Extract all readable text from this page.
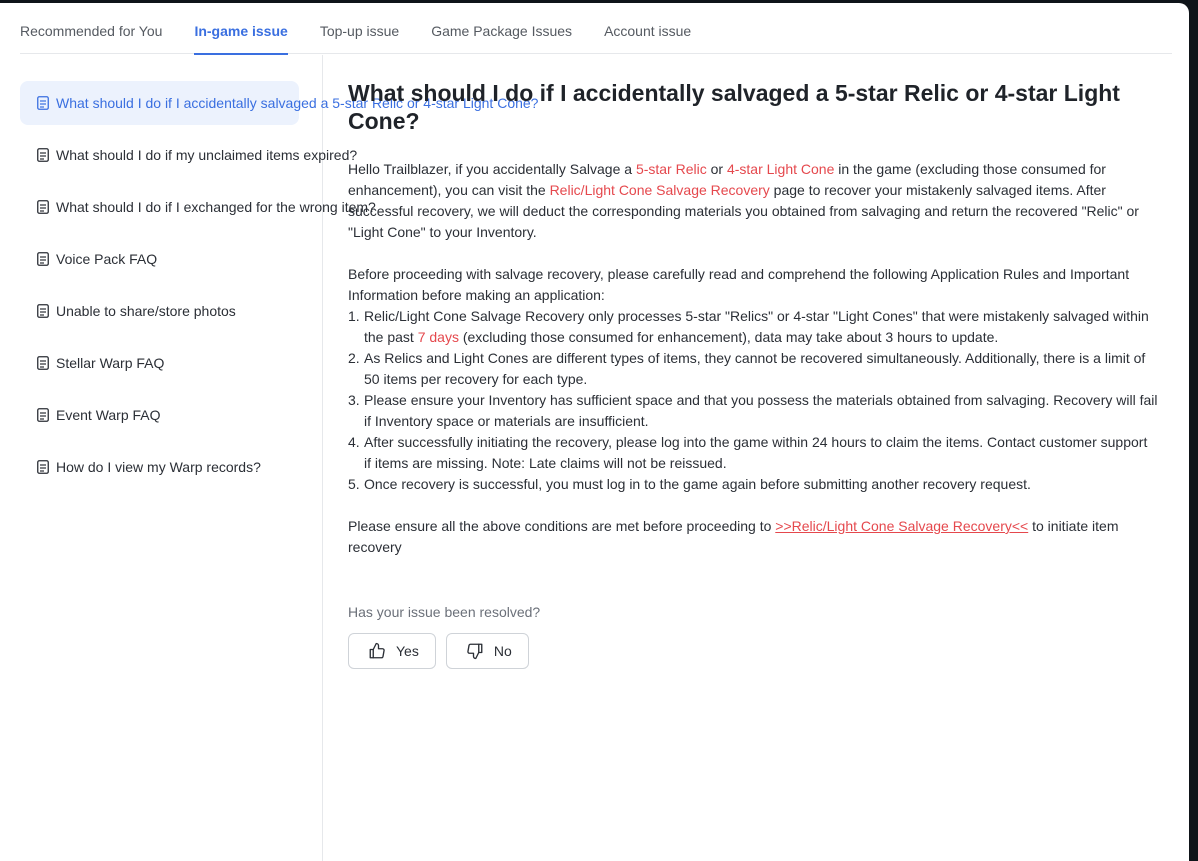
Recommended for You In-game issue Top-up issue Game Package Issues Account issue
What should I do if I accidentally salvaged a 5-star Relic or 4-star Light Cone?
What should I do if my unclaimed items expired?
What should I do if I exchanged for the wrong item?
Voice Pack FAQ
Unable to share/store photos
Stellar Warp FAQ
Event Warp FAQ
How do I view my Warp records?
What should I do if I accidentally salvaged a 5-star Relic or 4-star Light Cone?

Hello Trailblazer, if you accidentally Salvage a 5-star Relic or 4-star Light Cone in the game (excluding those consumed for enhancement), you can visit the Relic/Light Cone Salvage Recovery page to recover your mistakenly salvaged items. After successful recovery, we will deduct the corresponding materials you obtained from salvaging and return the recovered "Relic" or "Light Cone" to your Inventory.

Before proceeding with salvage recovery, please carefully read and comprehend the following Application Rules and Important Information before making an application:

1. Relic/Light Cone Salvage Recovery only processes 5-star "Relics" or 4-star "Light Cones" that were mistakenly salvaged within the past 7 days (excluding those consumed for enhancement), data may take about 3 hours to update.
2. As Relics and Light Cones are different types of items, they cannot be recovered simultaneously. Additionally, there is a limit of 50 items per recovery for each type.
3. Please ensure your Inventory has sufficient space and that you possess the materials obtained from salvaging. Recovery will fail if Inventory space or materials are insufficient.
4. After successfully initiating the recovery, please log into the game within 24 hours to claim the items. Contact customer support if items are missing. Note: Late claims will not be reissued.
5. Once recovery is successful, you must log in to the game again before submitting another recovery request.

Please ensure all the above conditions are met before proceeding to >>Relic/Light Cone Salvage Recovery<< to initiate item recovery

Has your issue been resolved?
Yes	No
